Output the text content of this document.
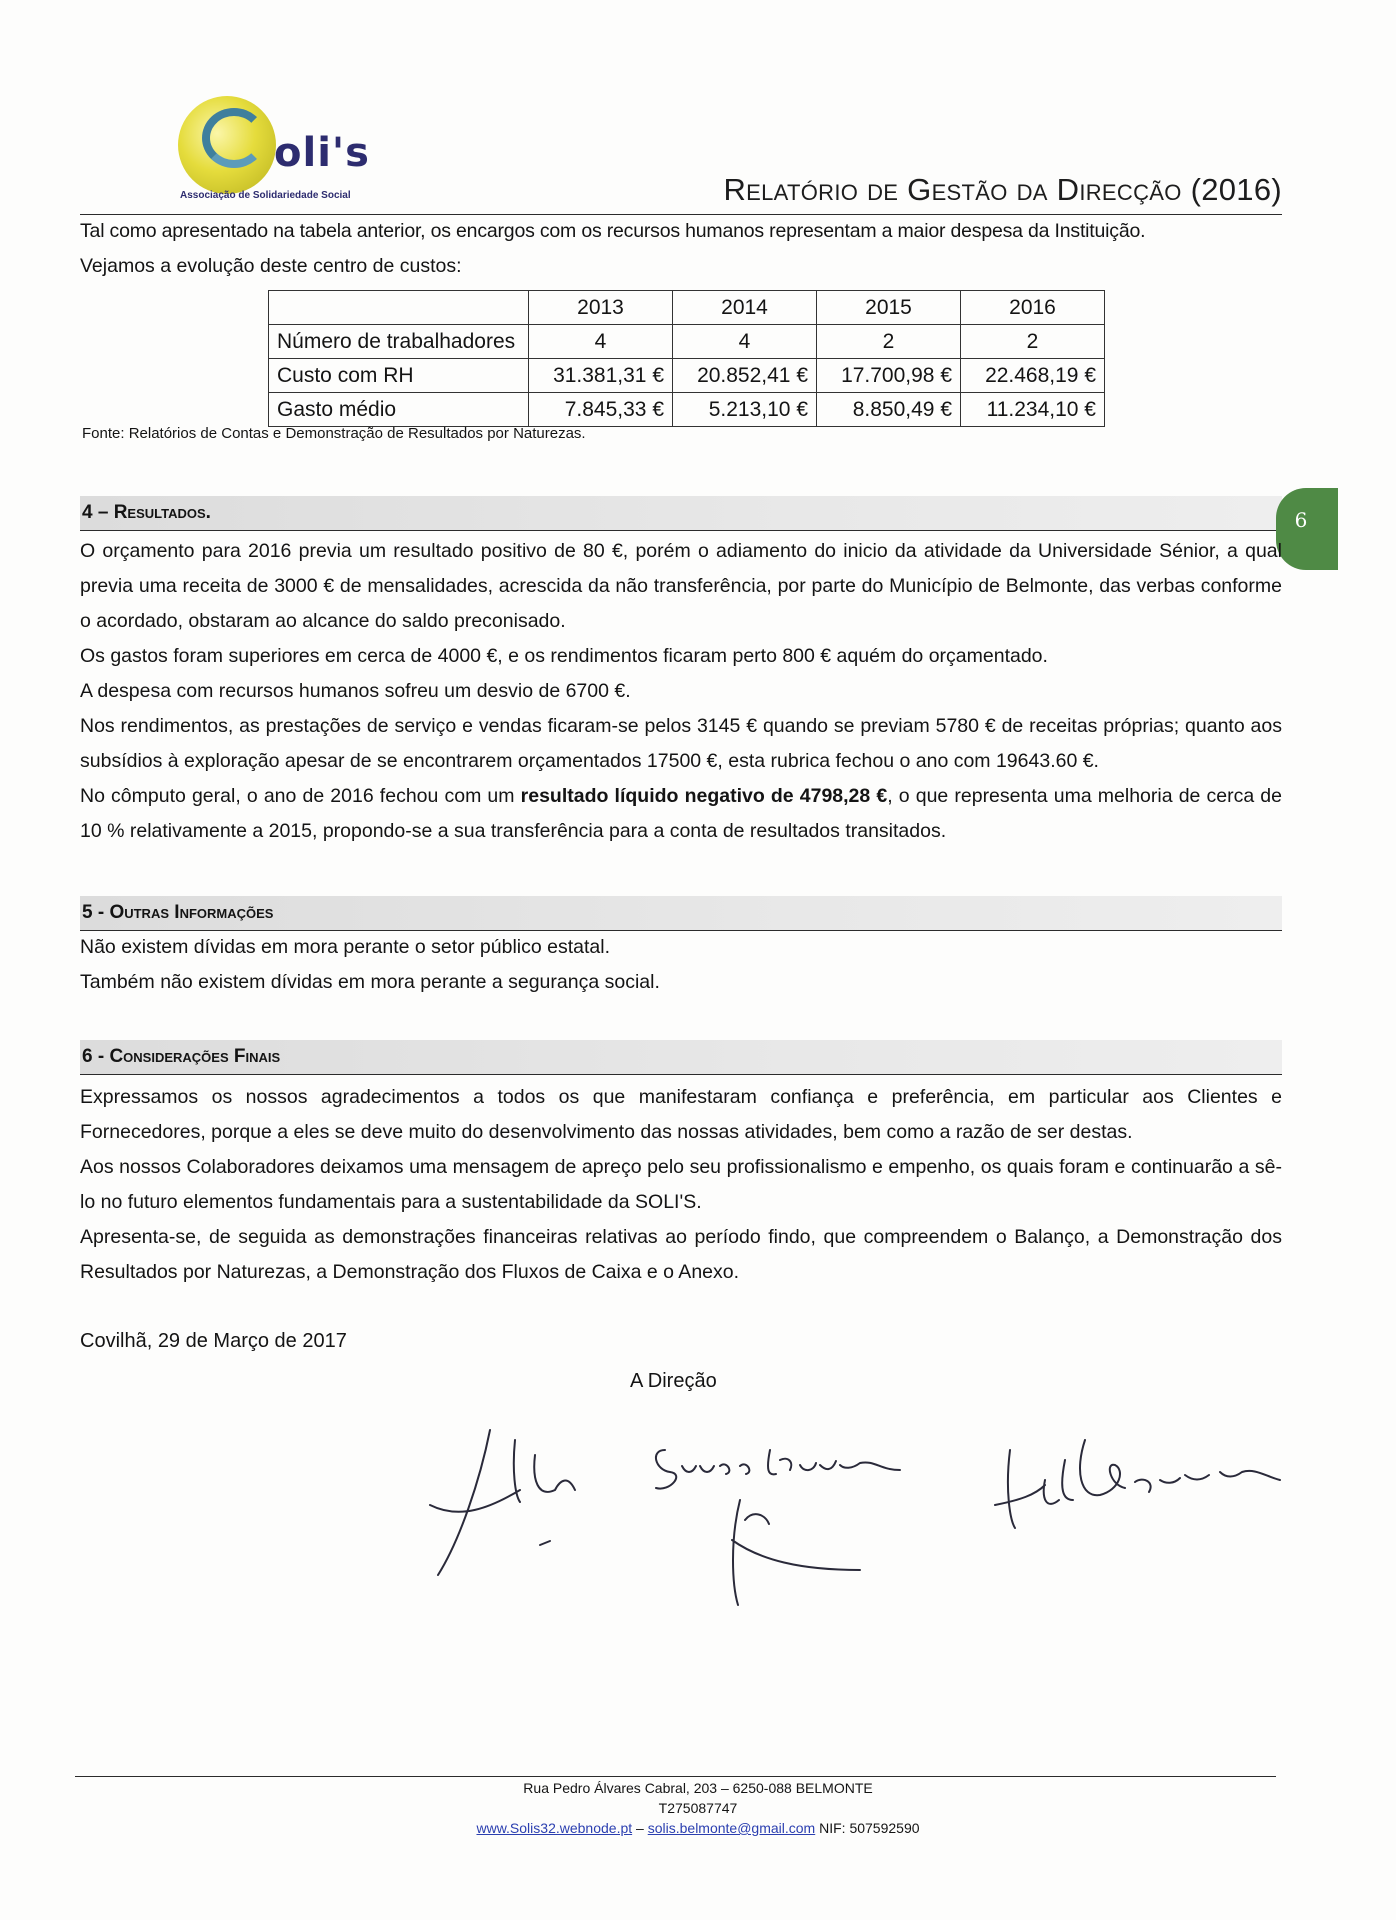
oli's
Associação de Solidariedade Social	Relatório de Gestão da Direcção (2016)
Tal como apresentado na tabela anterior, os encargos com os recursos humanos representam a maior despesa da Instituição.
Vejamos a evolução deste centro de custos:
	2013	2014	2015	2016
Número de trabalhadores	4	4	2	2
Custo com RH	31.381,31 €	20.852,41 €	17.700,98 €	22.468,19 €
Gasto médio	7.845,33 €	5.213,10 €	8.850,49 €	11.234,10 €
Fonte: Relatórios de Contas e Demonstração de Resultados por Naturezas.
4 – Resultados.	6
O orçamento para 2016 previa um resultado positivo de 80 €, porém o adiamento do inicio da atividade da Universidade Sénior, a qual previa uma receita de 3000 € de mensalidades, acrescida da não transferência, por parte do Município de Belmonte, das verbas conforme o acordado, obstaram ao alcance do saldo preconisado.
Os gastos foram superiores em cerca de 4000 €, e os rendimentos ficaram perto 800 € aquém do orçamentado.
A despesa com recursos humanos sofreu um desvio de 6700 €.
Nos rendimentos, as prestações de serviço e vendas ficaram-se pelos 3145 € quando se previam 5780 € de receitas próprias; quanto aos subsídios à exploração apesar de se encontrarem orçamentados 17500 €, esta rubrica fechou o ano com 19643.60 €.
No cômputo geral, o ano de 2016 fechou com um resultado líquido negativo de 4798,28 €, o que representa uma melhoria de cerca de 10 % relativamente a 2015, propondo-se a sua transferência para a conta de resultados transitados.
5 - Outras Informações
Não existem dívidas em mora perante o setor público estatal.
Também não existem dívidas em mora perante a segurança social.
6 - Considerações Finais
Expressamos os nossos agradecimentos a todos os que manifestaram confiança e preferência, em particular aos Clientes e Fornecedores, porque a eles se deve muito do desenvolvimento das nossas atividades, bem como a razão de ser destas.
Aos nossos Colaboradores deixamos uma mensagem de apreço pelo seu profissionalismo e empenho, os quais foram e continuarão a sê-lo no futuro elementos fundamentais para a sustentabilidade da SOLI'S.
Apresenta-se, de seguida as demonstrações financeiras relativas ao período findo, que compreendem o Balanço, a Demonstração dos Resultados por Naturezas, a Demonstração dos Fluxos de Caixa e o Anexo.
Covilhã, 29 de Março de 2017
A Direção
Rua Pedro Álvares Cabral, 203 – 6250-088 BELMONTE
T275087747
www.Solis32.webnode.pt – solis.belmonte@gmail.com NIF: 507592590
